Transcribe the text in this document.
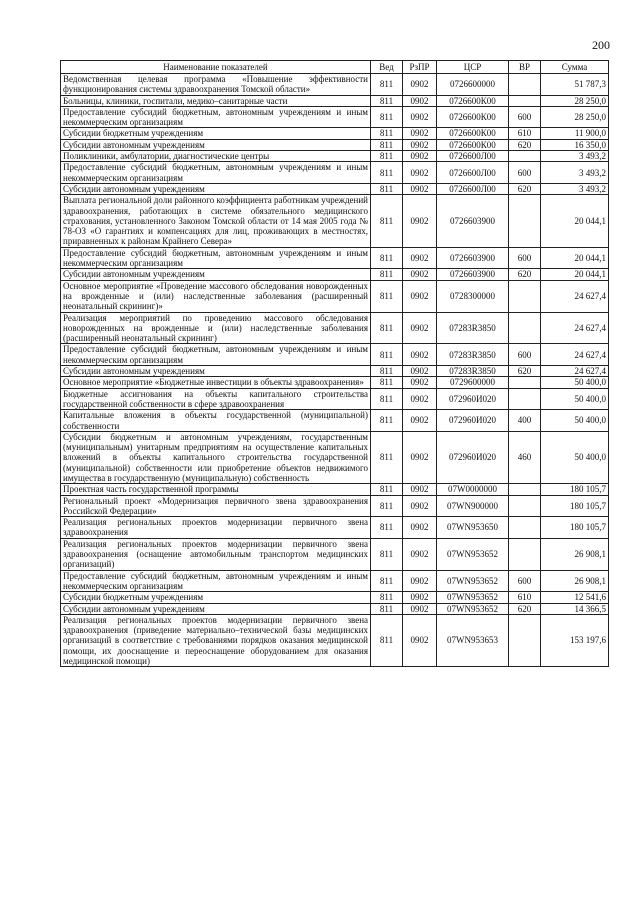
200
Наименование показателей	Вед	РзПР	ЦСР	ВР	Сумма
Ведомственная целевая программа «Повышение эффективности функционирования системы здравоохранения Томской области»	811	0902	0726600000		51 787,3
Больницы, клиники, госпитали, медико–санитарные части	811	0902	0726600К00		28 250,0
Предоставление субсидий бюджетным, автономным учреждениям и иным некоммерческим организациям	811	0902	0726600К00	600	28 250,0
Субсидии бюджетным учреждениям	811	0902	0726600К00	610	11 900,0
Субсидии автономным учреждениям	811	0902	0726600К00	620	16 350,0
Поликлиники, амбулатории, диагностические центры	811	0902	0726600Л00		3 493,2
Предоставление субсидий бюджетным, автономным учреждениям и иным некоммерческим организациям	811	0902	0726600Л00	600	3 493,2
Субсидии автономным учреждениям	811	0902	0726600Л00	620	3 493,2
Выплата региональной доли районного коэффициента работникам учреждений здравоохранения, работающих в системе обязательного медицинского страхования, установленного Законом Томской области от 14 мая 2005 года № 78-ОЗ «О гарантиях и компенсациях для лиц, проживающих в местностях, приравненных к районам Крайнего Севера»	811	0902	0726603900		20 044,1
Предоставление субсидий бюджетным, автономным учреждениям и иным некоммерческим организациям	811	0902	0726603900	600	20 044,1
Субсидии автономным учреждениям	811	0902	0726603900	620	20 044,1
Основное мероприятие «Проведение массового обследования новорожденных на врожденные и (или) наследственные заболевания (расширенный неонатальный скрининг)»	811	0902	0728300000		24 627,4
Реализация мероприятий по проведению массового обследования новорожденных на врожденные и (или) наследственные заболевания (расширенный неонатальный скрининг)	811	0902	07283R3850		24 627,4
Предоставление субсидий бюджетным, автономным учреждениям и иным некоммерческим организациям	811	0902	07283R3850	600	24 627,4
Субсидии автономным учреждениям	811	0902	07283R3850	620	24 627,4
Основное мероприятие «Бюджетные инвестиции в объекты здравоохранения»	811	0902	0729600000		50 400,0
Бюджетные ассигнования на объекты капитального строительства государственной собственности в сфере здравоохранения	811	0902	072960И020		50 400,0
Капитальные вложения в объекты государственной (муниципальной) собственности	811	0902	072960И020	400	50 400,0
Субсидии бюджетным и автономным учреждениям, государственным (муниципальным) унитарным предприятиям на осуществление капитальных вложений в объекты капитального строительства государственной (муниципальной) собственности или приобретение объектов недвижимого имущества в государственную (муниципальную) собственность	811	0902	072960И020	460	50 400,0
Проектная часть государственной программы	811	0902	07W0000000		180 105,7
Региональный проект «Модернизация первичного звена здравоохранения Российской Федерации»	811	0902	07WN900000		180 105,7
Реализация региональных проектов модернизации первичного звена здравоохранения	811	0902	07WN953650		180 105,7
Реализация региональных проектов модернизации первичного звена здравоохранения (оснащение автомобильным транспортом медицинских организаций)	811	0902	07WN953652		26 908,1
Предоставление субсидий бюджетным, автономным учреждениям и иным некоммерческим организациям	811	0902	07WN953652	600	26 908,1
Субсидии бюджетным учреждениям	811	0902	07WN953652	610	12 541,6
Субсидии автономным учреждениям	811	0902	07WN953652	620	14 366,5
Реализация региональных проектов модернизации первичного звена здравоохранения (приведение материально–технической базы медицинских организаций в соответствие с требованиями порядков оказания медицинской помощи, их дооснащение и переоснащение оборудованием для оказания медицинской помощи)	811	0902	07WN953653		153 197,6
